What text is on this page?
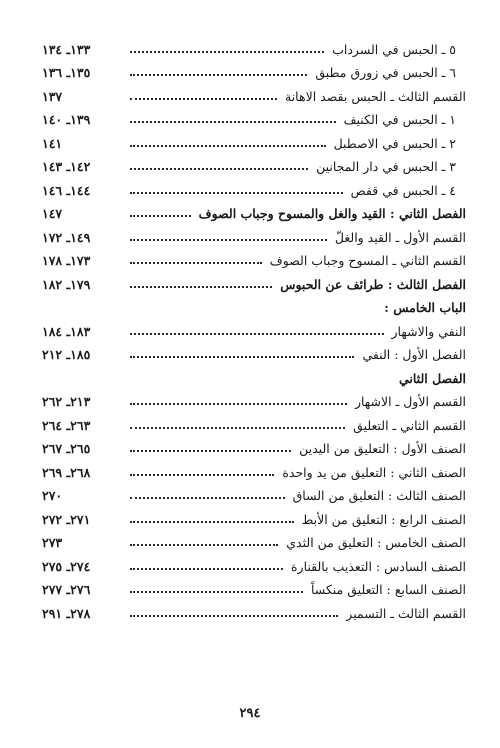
٥ ـ الحبس في السرداب
١٣٣ـ ١٣٤
٦ ـ الحبس في زورق مطبق
١٣٥ـ ١٣٦
القسم الثالث ـ الحبس بقصد الاهانة
١٣٧
١ ـ الحبس في الكنيف
١٣٩ـ ١٤٠
٢ ـ الحبس في الاصطبل
١٤١
٣ ـ الحبس في دار المجانين
١٤٢ـ ١٤٣
٤ ـ الحبس في قفص
١٤٤ـ ١٤٦
الفصل الثاني : القيد والغل والمسوح وجباب الصوف
١٤٧
القسم الأول ـ القيد والغلّ
١٤٩ـ ١٧٢
القسم الثاني ـ المسوح وجباب الصوف
١٧٣ـ ١٧٨
الفصل الثالث : طرائف عن الحبوس
١٧٩ـ ١٨٢
الباب الخامس :
النفي والاشهار
١٨٣ـ ١٨٤
الفصل الأول : النفي
١٨٥ـ ٢١٢
الفصل الثاني
القسم الأول ـ الاشهار
٢١٣ـ ٢٦٢
القسم الثاني ـ التعليق
٢٦٣ـ ٢٦٤
الصنف الأول : التعليق من اليدين
٢٦٥ـ ٢٦٧
الصنف الثاني : التعليق من يد واحدة
٢٦٨ـ ٢٦٩
الصنف الثالث : التعليق من الساق
٢٧٠
الصنف الرابع : التعليق من الأبط
٢٧١ـ ٢٧٢
الصنف الخامس : التعليق من الثدي
٢٧٣
الصنف السادس : التعذيب بالقنارة
٢٧٤ـ ٢٧٥
الصنف السابع : التعليق منكساً
٢٧٦ـ ٢٧٧
القسم الثالث ـ التسمير
٢٧٨ـ ٢٩١
٢٩٤
